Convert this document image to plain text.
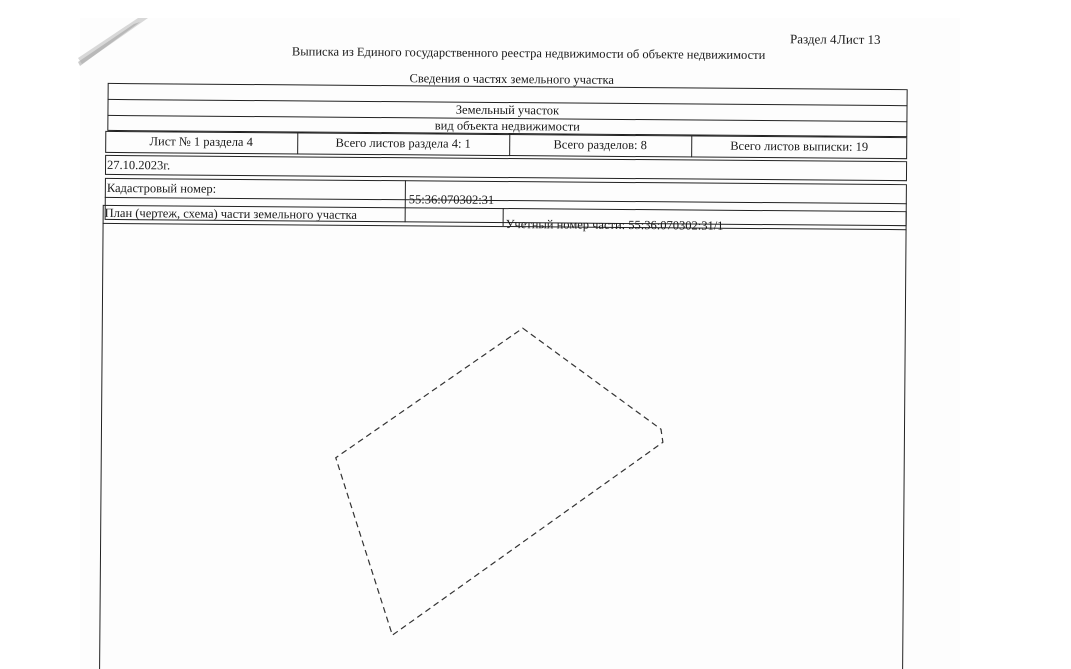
Раздел 4 Лист 13
Выписка из Единого государственного реестра недвижимости об объекте недвижимости
Сведения о частях земельного участка
Земельный участок
вид объекта недвижимости
Лист № 1 раздела 4	Всего листов раздела 4: 1	Всего разделов: 8	Всего листов выписки: 19
27.10.2023г.
Кадастровый номер:
55:36:070302:31
План (чертеж, схема) части земельного участка
Учетный номер части: 55:36:070302:31/1
